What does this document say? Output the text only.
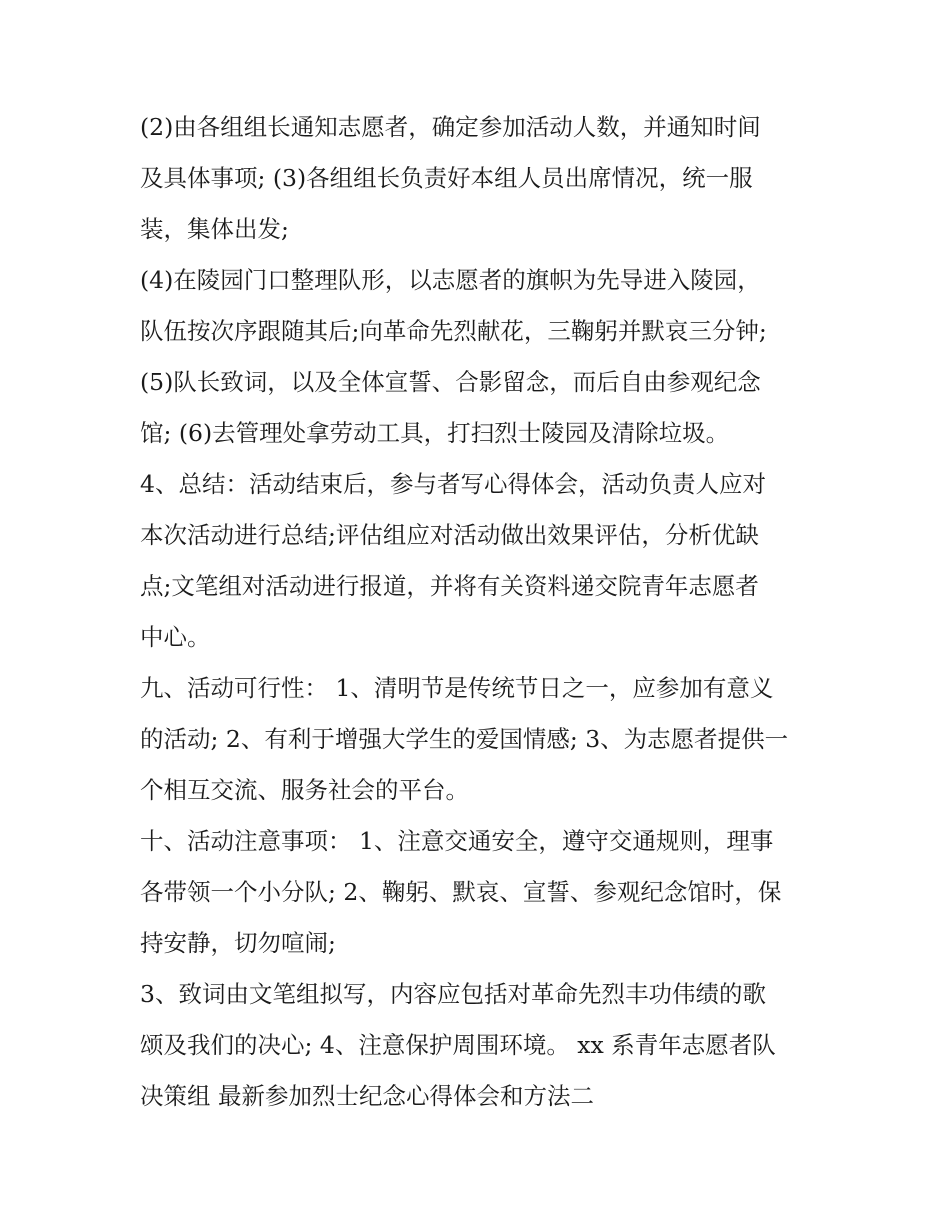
(2)由各组组长通知志愿者，确定参加活动人数，并通知时间
及具体事项; (3)各组组长负责好本组人员出席情况，统一服
装，集体出发;
(4)在陵园门口整理队形，以志愿者的旗帜为先导进入陵园，
队伍按次序跟随其后;向革命先烈献花，三鞠躬并默哀三分钟;
(5)队长致词，以及全体宣誓、合影留念，而后自由参观纪念
馆; (6)去管理处拿劳动工具，打扫烈士陵园及清除垃圾。
4、总结：活动结束后，参与者写心得体会，活动负责人应对
本次活动进行总结;评估组应对活动做出效果评估，分析优缺
点;文笔组对活动进行报道，并将有关资料递交院青年志愿者
中心。
九、活动可行性： 1、清明节是传统节日之一，应参加有意义
的活动; 2、有利于增强大学生的爱国情感; 3、为志愿者提供一
个相互交流、服务社会的平台。
十、活动注意事项： 1、注意交通安全，遵守交通规则，理事
各带领一个小分队; 2、鞠躬、默哀、宣誓、参观纪念馆时，保
持安静，切勿喧闹;
3、致词由文笔组拟写，内容应包括对革命先烈丰功伟绩的歌
颂及我们的决心; 4、注意保护周围环境。 xx 系青年志愿者队
决策组 最新参加烈士纪念心得体会和方法二
